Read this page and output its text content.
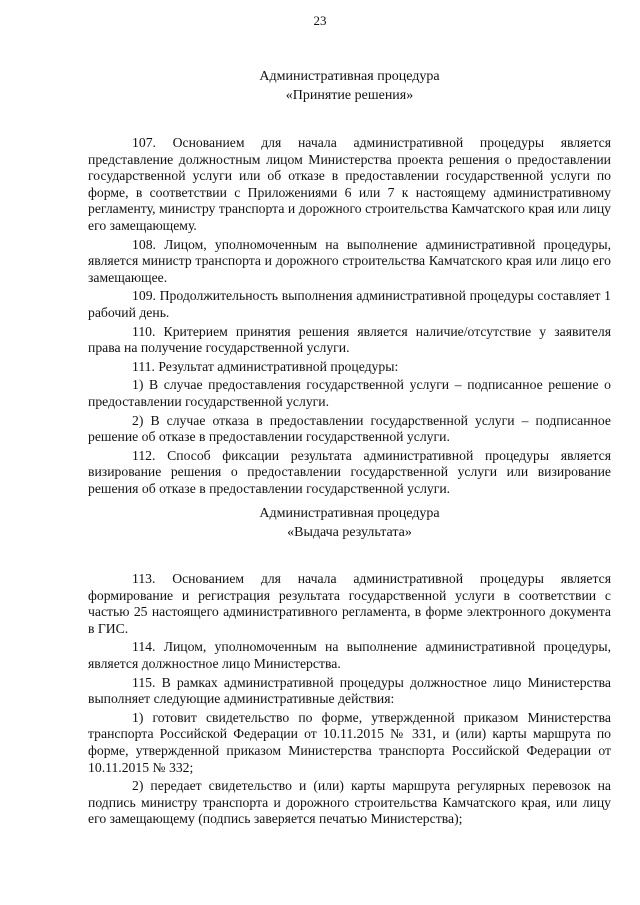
23
Административная процедура
«Принятие решения»

107. Основанием для начала административной процедуры является представление должностным лицом Министерства проекта решения о предоставлении государственной услуги или об отказе в предоставлении государственной услуги по форме, в соответствии с Приложениями 6 или 7 к настоящему административному регламенту, министру транспорта и дорожного строительства Камчатского края или лицу его замещающему.

108. Лицом, уполномоченным на выполнение административной процедуры, является министр транспорта и дорожного строительства Камчатского края или лицо его замещающее.

109. Продолжительность выполнения административной процедуры составляет 1 рабочий день.

110. Критерием принятия решения является наличие/отсутствие у заявителя права на получение государственной услуги.

111. Результат административной процедуры:

1) В случае предоставления государственной услуги – подписанное решение о предоставлении государственной услуги.

2) В случае отказа в предоставлении государственной услуги – подписанное решение об отказе в предоставлении государственной услуги.

112. Способ фиксации результата административной процедуры является визирование решения о предоставлении государственной услуги или визирование решения об отказе в предоставлении государственной услуги.

Административная процедура
«Выдача результата»

113. Основанием для начала административной процедуры является формирование и регистрация результата государственной услуги в соответствии с частью 25 настоящего административного регламента, в форме электронного документа в ГИС.

114. Лицом, уполномоченным на выполнение административной процедуры, является должностное лицо Министерства.

115. В рамках административной процедуры должностное лицо Министерства выполняет следующие административные действия:

1) готовит свидетельство по форме, утвержденной приказом Министерства транспорта Российской Федерации от 10.11.2015 № 331, и (или) карты маршрута по форме, утвержденной приказом Министерства транспорта Российской Федерации от 10.11.2015 № 332;

2) передает свидетельство и (или) карты маршрута регулярных перевозок на подпись министру транспорта и дорожного строительства Камчатского края, или лицу его замещающему (подпись заверяется печатью Министерства);
